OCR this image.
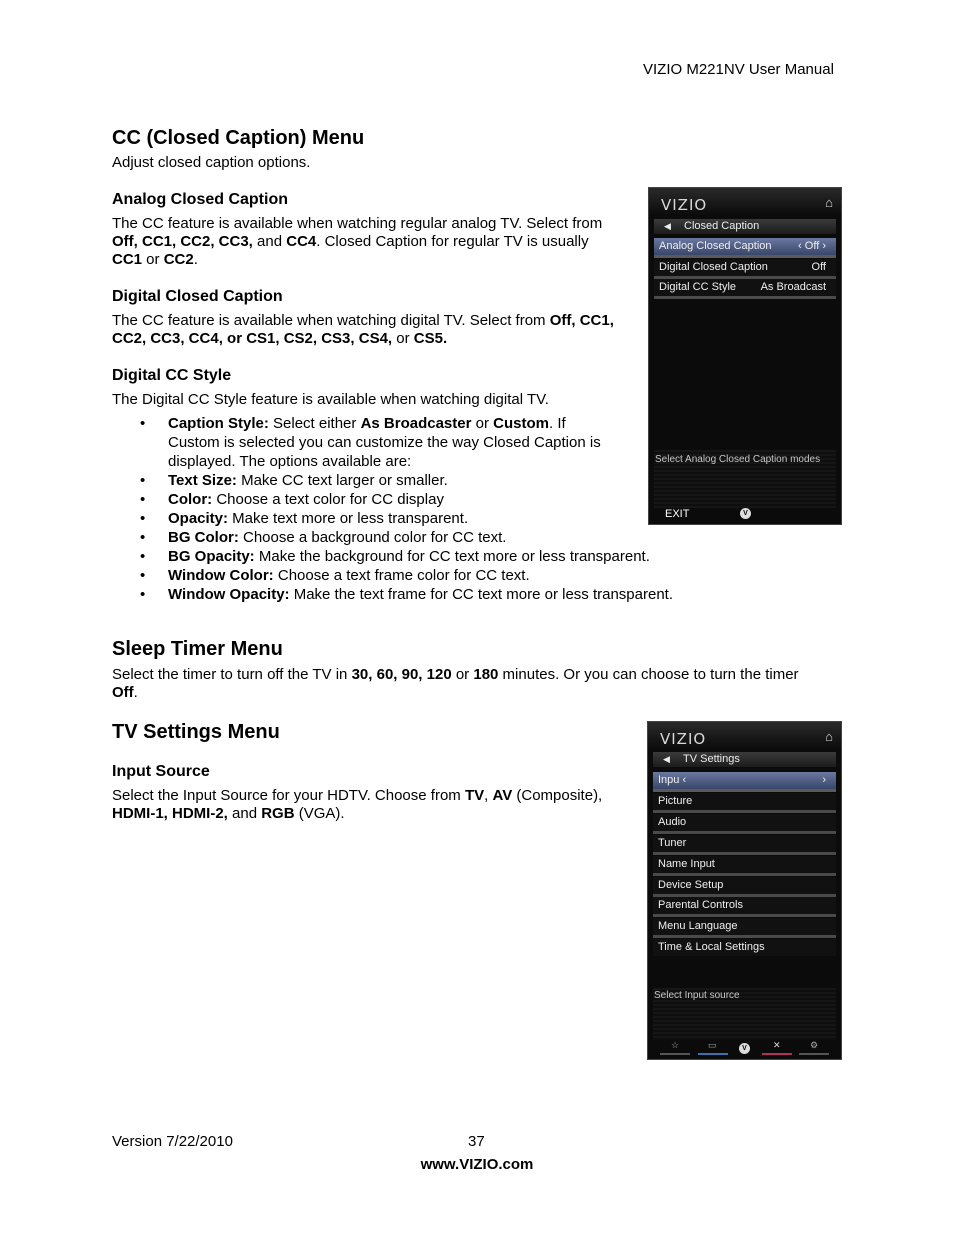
VIZIO M221NV User Manual
CC (Closed Caption) Menu

Adjust closed caption options.

Analog Closed Caption

The CC feature is available when watching regular analog TV. Select from

Off, CC1, CC2, CC3, and CC4. Closed Caption for regular TV is usually

CC1 or CC2.

Digital Closed Caption

The CC feature is available when watching digital TV. Select from Off, CC1,

CC2, CC3, CC4, or CS1, CS2, CS3, CS4, or CS5.

Digital CC Style

The Digital CC Style feature is available when watching digital TV.

• Caption Style: Select either As Broadcaster or Custom. If
Custom is selected you can customize the way Closed Caption is
displayed. The options available are:
• Text Size: Make CC text larger or smaller.
• Color: Choose a text color for CC display
• Opacity: Make text more or less transparent.
• BG Color: Choose a background color for CC text.
• BG Opacity: Make the background for CC text more or less transparent.
• Window Color: Choose a text frame color for CC text.
• Window Opacity: Make the text frame for CC text more or less transparent.
Sleep Timer Menu

Select the timer to turn off the TV in 30, 60, 90, 120 or 180 minutes. Or you can choose to turn the timer

Off.

TV Settings Menu
Input Source

Select the Input Source for your HDTV. Choose from TV, AV (Composite),

HDMI-1, HDMI-2, and RGB (VGA).

VIZIO	⌂
◀ Closed Caption
Analog Closed Caption ‹ Off ›
Digital Closed Caption	Off
Digital CC Style As Broadcast
Select Analog Closed Caption modes
EXIT	V
VIZIO	⌂
◀ TV Settings
Inpu ‹	›
Picture
Audio
Tuner
Name Input
Device Setup
Parental Controls
Menu Language
Time & Local Settings
Select Input source
☆	▭	V	✕	⚙
Version 7/22/2010	37
www.VIZIO.com
